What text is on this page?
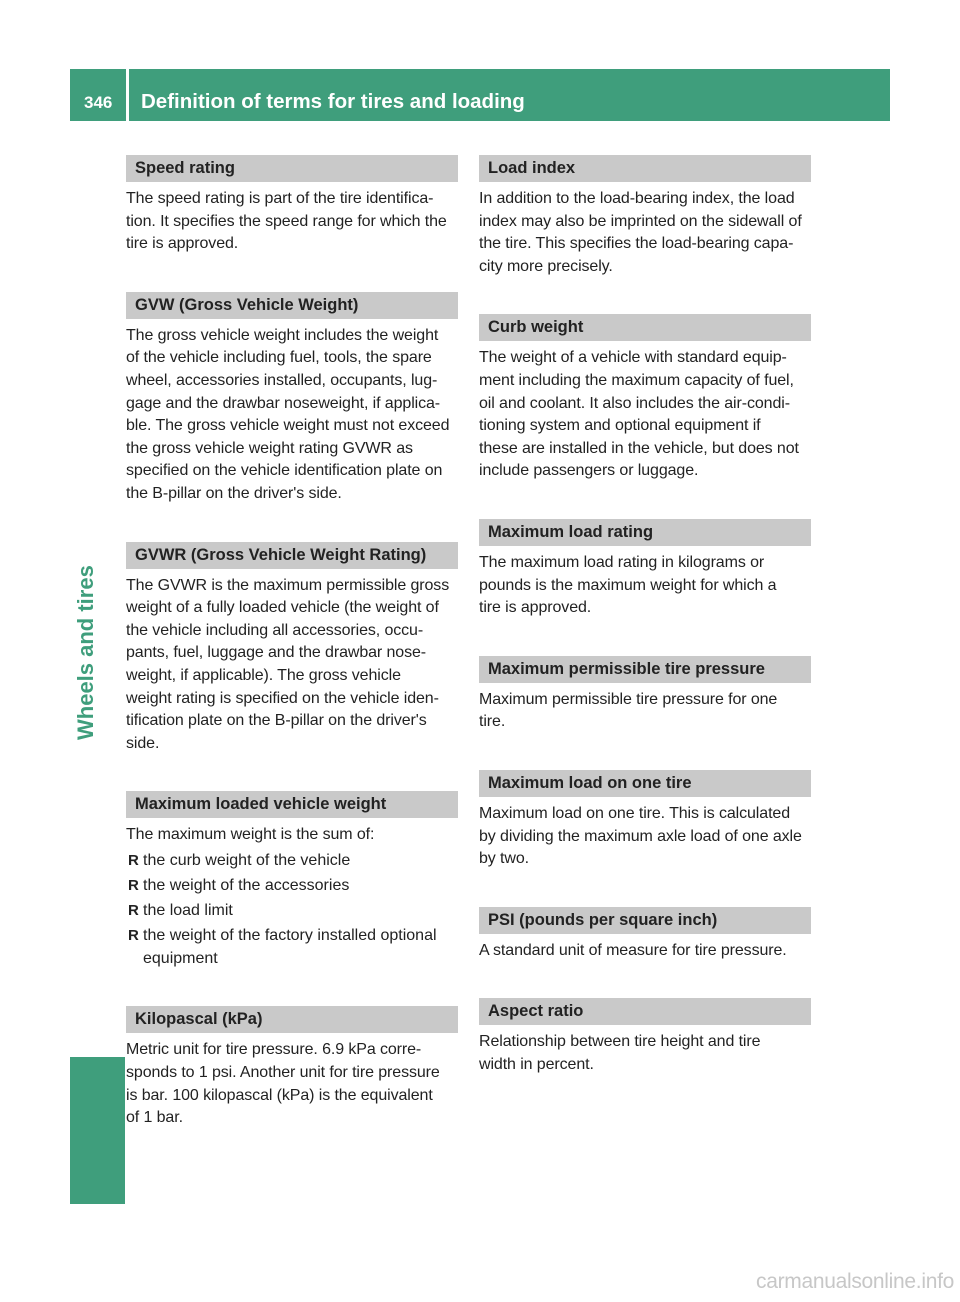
346	Definition of terms for tires and loading
Wheels and tires
Speed rating

The speed rating is part of the tire identifica-
tion. It specifies the speed range for which the
tire is approved.

GVW (Gross Vehicle Weight)

The gross vehicle weight includes the weight
of the vehicle including fuel, tools, the spare
wheel, accessories installed, occupants, lug-
gage and the drawbar noseweight, if applica-
ble. The gross vehicle weight must not exceed
the gross vehicle weight rating GVWR as
specified on the vehicle identification plate on
the B-pillar on the driver's side.

GVWR (Gross Vehicle Weight Rating)

The GVWR is the maximum permissible gross
weight of a fully loaded vehicle (the weight of
the vehicle including all accessories, occu-
pants, fuel, luggage and the drawbar nose-
weight, if applicable). The gross vehicle
weight rating is specified on the vehicle iden-
tification plate on the B-pillar on the driver's
side.

Maximum loaded vehicle weight

The maximum weight is the sum of:

R the curb weight of the vehicle
R the weight of the accessories
R the load limit
R the weight of the factory installed optional equipment
Kilopascal (kPa)

Metric unit for tire pressure. 6.9 kPa corre-
sponds to 1 psi. Another unit for tire pressure
is bar. 100 kilopascal (kPa) is the equivalent
of 1 bar.

Load index

In addition to the load-bearing index, the load
index may also be imprinted on the sidewall of
the tire. This specifies the load-bearing capa-
city more precisely.

Curb weight

The weight of a vehicle with standard equip-
ment including the maximum capacity of fuel,
oil and coolant. It also includes the air-condi-
tioning system and optional equipment if
these are installed in the vehicle, but does not
include passengers or luggage.

Maximum load rating

The maximum load rating in kilograms or
pounds is the maximum weight for which a
tire is approved.

Maximum permissible tire pressure

Maximum permissible tire pressure for one
tire.

Maximum load on one tire

Maximum load on one tire. This is calculated
by dividing the maximum axle load of one axle
by two.

PSI (pounds per square inch)

A standard unit of measure for tire pressure.

Aspect ratio

Relationship between tire height and tire
width in percent.

carmanualsonline.info
